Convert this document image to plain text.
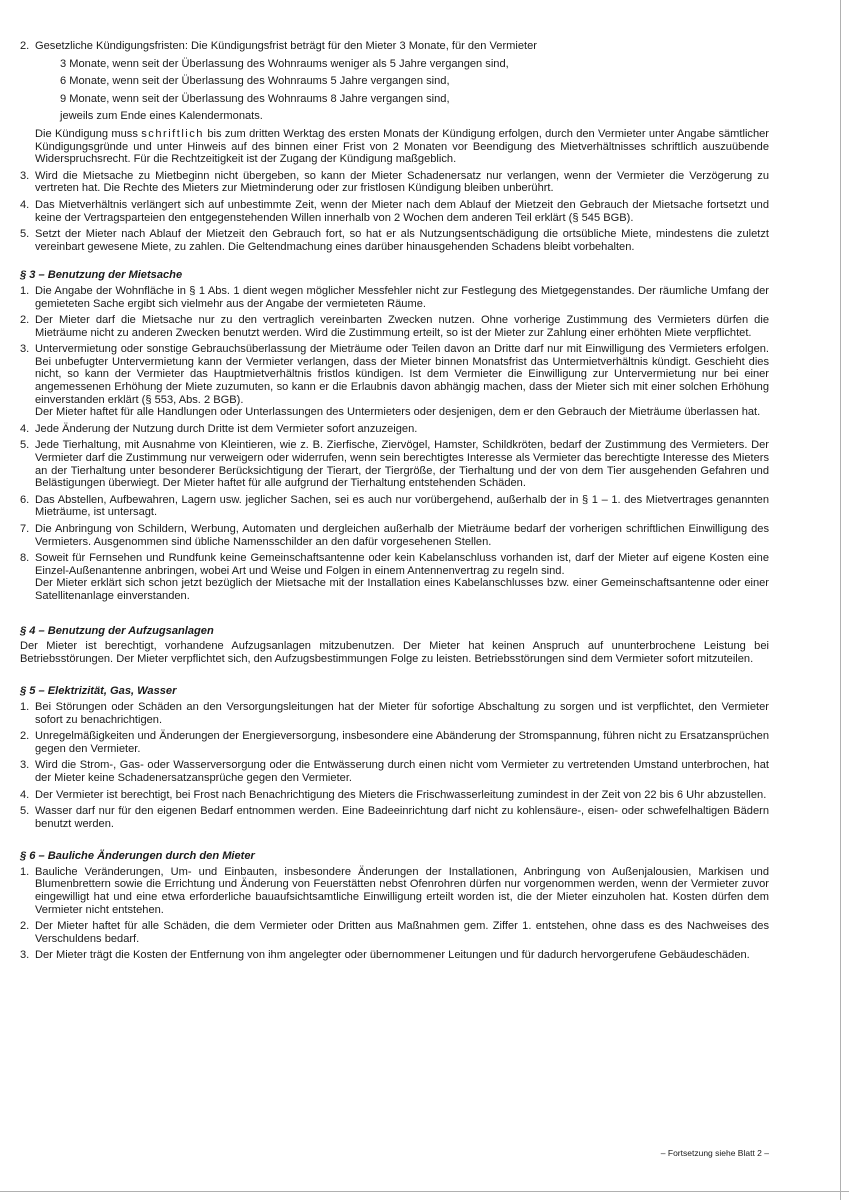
2. Gesetzliche Kündigungsfristen: Die Kündigungsfrist beträgt für den Mieter 3 Monate, für den Vermieter
3 Monate, wenn seit der Überlassung des Wohnraums weniger als 5 Jahre vergangen sind,
6 Monate, wenn seit der Überlassung des Wohnraums 5 Jahre vergangen sind,
9 Monate, wenn seit der Überlassung des Wohnraums 8 Jahre vergangen sind,
jeweils zum Ende eines Kalendermonats.
Die Kündigung muss schriftlich bis zum dritten Werktag des ersten Monats der Kündigung erfolgen, durch den Vermieter unter Angabe sämtlicher Kündigungsgründe und unter Hinweis auf des binnen einer Frist von 2 Monaten vor Beendigung des Mietverhältnisses schriftlich auszuübende Widerspruchsrecht. Für die Rechtzeitigkeit ist der Zugang der Kündigung maßgeblich.
3. Wird die Mietsache zu Mietbeginn nicht übergeben, so kann der Mieter Schadenersatz nur verlangen, wenn der Vermieter die Verzögerung zu vertreten hat. Die Rechte des Mieters zur Mietminderung oder zur fristlosen Kündigung bleiben unberührt.
4. Das Mietverhältnis verlängert sich auf unbestimmte Zeit, wenn der Mieter nach dem Ablauf der Mietzeit den Gebrauch der Mietsache fortsetzt und keine der Vertragsparteien den entgegenstehenden Willen innerhalb von 2 Wochen dem anderen Teil erklärt (§ 545 BGB).
5. Setzt der Mieter nach Ablauf der Mietzeit den Gebrauch fort, so hat er als Nutzungsentschädigung die ortsübliche Miete, mindestens die zuletzt vereinbart gewesene Miete, zu zahlen. Die Geltendmachung eines darüber hinausgehenden Schadens bleibt vorbehalten.
§ 3 – Benutzung der Mietsache
1. Die Angabe der Wohnfläche in § 1 Abs. 1 dient wegen möglicher Messfehler nicht zur Festlegung des Mietgegenstandes. Der räumliche Umfang der gemieteten Sache ergibt sich vielmehr aus der Angabe der vermieteten Räume.
2. Der Mieter darf die Mietsache nur zu den vertraglich vereinbarten Zwecken nutzen. Ohne vorherige Zustimmung des Vermieters dürfen die Mieträume nicht zu anderen Zwecken benutzt werden. Wird die Zustimmung erteilt, so ist der Mieter zur Zahlung einer erhöhten Miete verpflichtet.
3. Untervermietung oder sonstige Gebrauchsüberlassung der Mieträume oder Teilen davon an Dritte darf nur mit Einwilligung des Vermieters erfolgen. Bei unbefugter Untervermietung kann der Vermieter verlangen, dass der Mieter binnen Monatsfrist das Untermietverhältnis kündigt. Geschieht dies nicht, so kann der Vermieter das Hauptmietverhältnis fristlos kündigen. Ist dem Vermieter die Einwilligung zur Untervermietung nur bei einer angemessenen Erhöhung der Miete zuzumuten, so kann er die Erlaubnis davon abhängig machen, dass der Mieter sich mit einer solchen Erhöhung einverstanden erklärt (§ 553, Abs. 2 BGB).
Der Mieter haftet für alle Handlungen oder Unterlassungen des Untermieters oder desjenigen, dem er den Gebrauch der Mieträume überlassen hat.
4. Jede Änderung der Nutzung durch Dritte ist dem Vermieter sofort anzuzeigen.
5. Jede Tierhaltung, mit Ausnahme von Kleintieren, wie z. B. Zierfische, Ziervögel, Hamster, Schildkröten, bedarf der Zustimmung des Vermieters. Der Vermieter darf die Zustimmung nur verweigern oder widerrufen, wenn sein berechtigtes Interesse als Vermieter das berechtigte Interesse des Mieters an der Tierhaltung unter besonderer Berücksichtigung der Tierart, der Tiergröße, der Tierhaltung und der von dem Tier ausgehenden Gefahren und Belästigungen überwiegt. Der Mieter haftet für alle aufgrund der Tierhaltung entstehenden Schäden.
6. Das Abstellen, Aufbewahren, Lagern usw. jeglicher Sachen, sei es auch nur vorübergehend, außerhalb der in § 1 – 1. des Mietvertrages genannten Mieträume, ist untersagt.
7. Die Anbringung von Schildern, Werbung, Automaten und dergleichen außerhalb der Mieträume bedarf der vorherigen schriftlichen Einwilligung des Vermieters. Ausgenommen sind übliche Namensschilder an den dafür vorgesehenen Stellen.
8. Soweit für Fernsehen und Rundfunk keine Gemeinschaftsantenne oder kein Kabelanschluss vorhanden ist, darf der Mieter auf eigene Kosten eine Einzel-Außenantenne anbringen, wobei Art und Weise und Folgen in einem Antennenvertrag zu regeln sind.
Der Mieter erklärt sich schon jetzt bezüglich der Mietsache mit der Installation eines Kabelanschlusses bzw. einer Gemeinschaftsantenne oder einer Satellitenanlage einverstanden.
§ 4 – Benutzung der Aufzugsanlagen
Der Mieter ist berechtigt, vorhandene Aufzugsanlagen mitzubenutzen. Der Mieter hat keinen Anspruch auf ununterbrochene Leistung bei Betriebsstörungen. Der Mieter verpflichtet sich, den Aufzugsbestimmungen Folge zu leisten. Betriebsstörungen sind dem Vermieter sofort mitzuteilen.
§ 5 – Elektrizität, Gas, Wasser
1. Bei Störungen oder Schäden an den Versorgungsleitungen hat der Mieter für sofortige Abschaltung zu sorgen und ist verpflichtet, den Vermieter sofort zu benachrichtigen.
2. Unregelmäßigkeiten und Änderungen der Energieversorgung, insbesondere eine Abänderung der Stromspannung, führen nicht zu Ersatzansprüchen gegen den Vermieter.
3. Wird die Strom-, Gas- oder Wasserversorgung oder die Entwässerung durch einen nicht vom Vermieter zu vertretenden Umstand unterbrochen, hat der Mieter keine Schadenersatzansprüche gegen den Vermieter.
4. Der Vermieter ist berechtigt, bei Frost nach Benachrichtigung des Mieters die Frischwasserleitung zumindest in der Zeit von 22 bis 6 Uhr abzustellen.
5. Wasser darf nur für den eigenen Bedarf entnommen werden. Eine Badeeinrichtung darf nicht zu kohlensäure-, eisen- oder schwefelhaltigen Bädern benutzt werden.
§ 6 – Bauliche Änderungen durch den Mieter
1. Bauliche Veränderungen, Um- und Einbauten, insbesondere Änderungen der Installationen, Anbringung von Außenjalousien, Markisen und Blumenbrettern sowie die Errichtung und Änderung von Feuerstätten nebst Ofenrohren dürfen nur vorgenommen werden, wenn der Vermieter zuvor eingewilligt hat und eine etwa erforderliche bauaufsichtsamtliche Einwilligung erteilt worden ist, die der Mieter einzuholen hat. Kosten dürfen dem Vermieter nicht entstehen.
2. Der Mieter haftet für alle Schäden, die dem Vermieter oder Dritten aus Maßnahmen gem. Ziffer 1. entstehen, ohne dass es des Nachweises des Verschuldens bedarf.
3. Der Mieter trägt die Kosten der Entfernung von ihm angelegter oder übernommener Leitungen und für dadurch hervorgerufene Gebäudeschäden.
– Fortsetzung siehe Blatt 2 –
